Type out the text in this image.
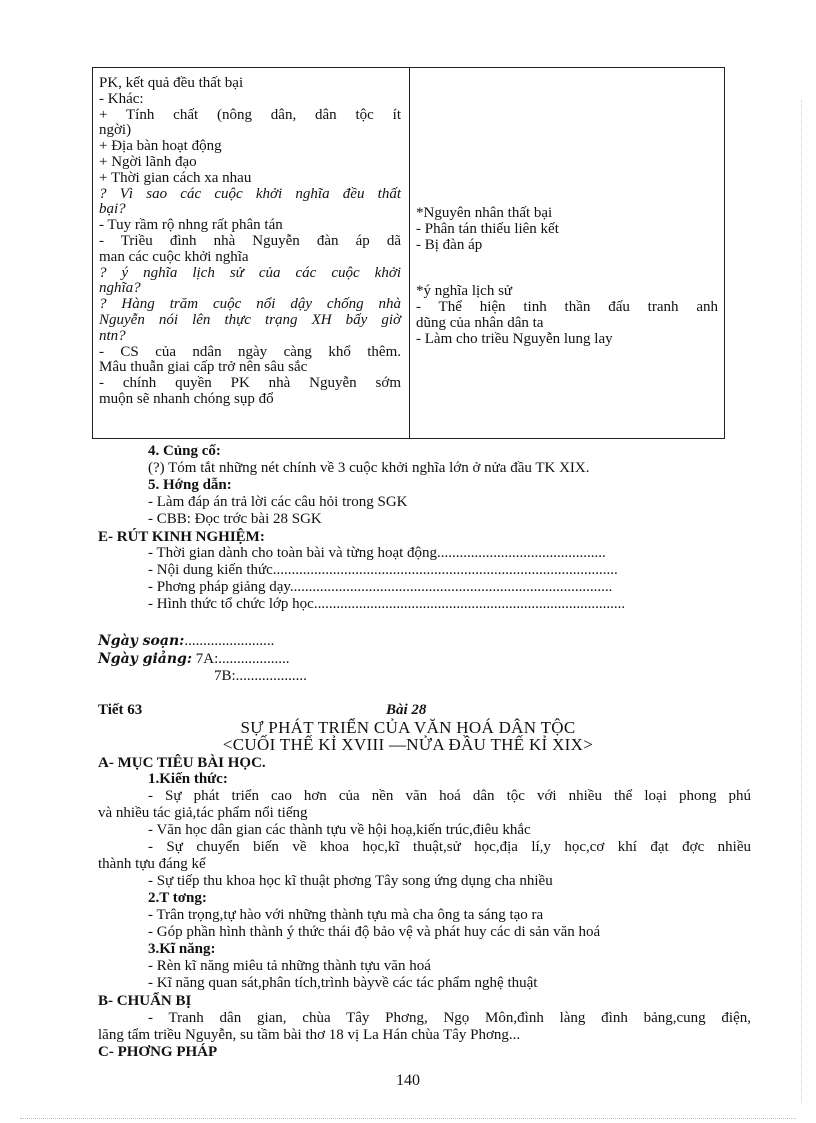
PK, kết quả đều thất bại
- Khác:
+ Tính chất (nông dân, dân tộc ít
ngời)
+ Địa bàn hoạt động
+ Ngời lãnh đạo
+ Thời gian cách xa nhau
? Vì sao các cuộc khởi nghĩa đều thất
bại?
- Tuy rầm rộ nhng rất phân tán
- Triều đình nhà Nguyễn đàn áp dã
man các cuộc khởi nghĩa
? ý nghĩa lịch sử của các cuộc khởi
nghĩa?
? Hàng trăm cuộc nổi dậy chống nhà
Nguyễn nói lên thực trạng XH bấy giờ
ntn?
- CS của ndân ngày càng khổ thêm.
Mâu thuẫn giai cấp trở nên sâu sắc
- chính quyền PK nhà Nguyễn sớm
muộn sẽ nhanh chóng sụp đổ
*Nguyên nhân thất bại
- Phân tán thiếu liên kết
- Bị đàn áp
*ý nghĩa lịch sử
- Thể hiện tinh thần đấu tranh anh
dũng của nhân dân ta
- Làm cho triều Nguyễn lung lay
4. Củng cố:
(?) Tóm tắt những nét chính về 3 cuộc khởi nghĩa lớn ở nửa đầu TK XIX.
5. Hớng dẫn:
- Làm đáp án trả lời các câu hỏi trong SGK
- CBB: Đọc trớc bài 28 SGK
E- RÚT KINH NGHIỆM:
- Thời gian dành cho toàn bài và từng hoạt động.............................................
- Nội dung kiến thức............................................................................................
- Phơng pháp giảng dạy......................................................................................
- Hình thức tổ chức lớp học...................................................................................
Ngày soạn:........................
Ngày giảng: 7A:...................
7B:...................
Tiết 63	Bài 28
SỰ PHÁT TRIỂN CỦA VĂN HOÁ DÂN TỘC
<CUỐI THẾ KỈ XVIII —NỬA ĐẦU THẾ KỈ XIX>
A- MỤC TIÊU BÀI HỌC.
1.Kiến thức:
- Sự phát triển cao hơn của nền văn hoá dân tộc với nhiều thể loại phong phú
và nhiều tác giả,tác phẩm nổi tiếng
- Văn học dân gian các thành tựu về hội hoạ,kiến trúc,điêu khắc
- Sự chuyển biến về khoa học,kĩ thuật,sử học,địa lí,y học,cơ khí đạt đợc nhiều
thành tựu đáng kể
- Sự tiếp thu khoa học kĩ thuật phơng Tây song ứng dụng cha nhiều
2.T tơng:
- Trân trọng,tự hào với những thành tựu mà cha ông ta sáng tạo ra
- Góp phần hình thành ý thức thái độ bảo vệ và phát huy các di sản văn hoá
3.Kĩ năng:
- Rèn kĩ năng miêu tả những thành tựu văn hoá
- Kĩ năng quan sát,phân tích,trình bàyvề các tác phẩm nghệ thuật
B- CHUẨN BỊ
- Tranh dân gian, chùa Tây Phơng, Ngọ Môn,đình làng đình bảng,cung điện,
lăng tẩm triều Nguyễn, su tầm bài thơ 18 vị La Hán chùa Tây Phơng...
C- PHƠNG PHÁP
140
